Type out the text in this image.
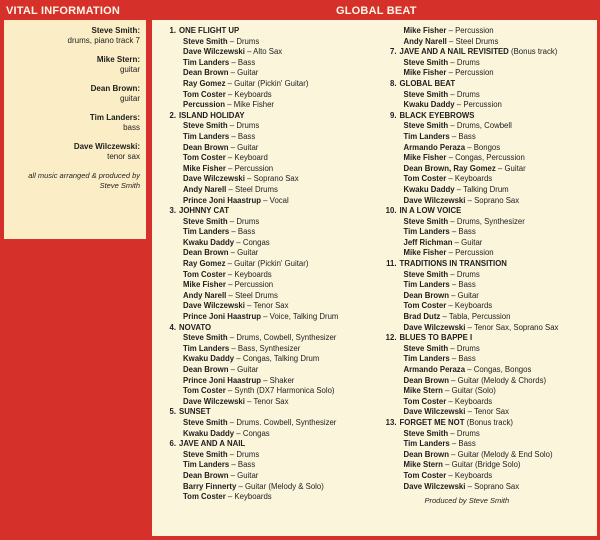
VITAL INFORMATION	GLOBAL BEAT
Steve Smith:
drums, piano track 7
Mike Stern:
guitar
Dean Brown:
guitar
Tim Landers:
bass
Dave Wilczewski:
tenor sax
all music arranged & produced by
Steve Smith
1. ONE FLIGHT UP
Steve Smith – Drums
Dave Wilczewski – Alto Sax
Tim Landers – Bass
Dean Brown – Guitar
Ray Gomez – Guitar (Pickin' Guitar)
Tom Coster – Keyboards
Percussion – Mike Fisher
2. ISLAND HOLIDAY
Steve Smith – Drums
Tim Landers – Bass
Dean Brown – Guitar
Tom Coster – Keyboard
Mike Fisher – Percussion
Dave Wilczewski – Soprano Sax
Andy Narell – Steel Drums
Prince Joni Haastrup – Vocal
3. JOHNNY CAT
Steve Smith – Drums
Tim Landers – Bass
Kwaku Daddy – Congas
Dean Brown – Guitar
Ray Gomez – Guitar (Pickin' Guitar)
Tom Coster – Keyboards
Mike Fisher – Percussion
Andy Narell – Steel Drums
Dave Wilczewski – Tenor Sax
Prince Joni Haastrup – Voice, Talking Drum
4. NOVATO
Steve Smith – Drums, Cowbell, Synthesizer
Tim Landers – Bass, Synthesizer
Kwaku Daddy – Congas, Talking Drum
Dean Brown – Guitar
Prince Joni Haastrup – Shaker
Tom Coster – Synth (DX7 Harmonica Solo)
Dave Wilczewski – Tenor Sax
5. SUNSET
Steve Smith – Drums. Cowbell, Synthesizer
Kwaku Daddy – Congas
6. JAVE AND A NAIL
Steve Smith – Drums
Tim Landers – Bass
Dean Brown – Guitar
Barry Finnerty – Guitar (Melody & Solo)
Tom Coster – Keyboards
Mike Fisher – Percussion
Andy Narell – Steel Drums
7. JAVE AND A NAIL REVISITED (Bonus track)
Steve Smith – Drums
Mike Fisher – Percussion
8. GLOBAL BEAT
Steve Smith – Drums
Kwaku Daddy – Percussion
9. BLACK EYEBROWS
Steve Smith – Drums, Cowbell
Tim Landers – Bass
Armando Peraza – Bongos
Mike Fisher – Congas, Percussion
Dean Brown, Ray Gomez – Guitar
Tom Coster – Keyboards
Kwaku Daddy – Talking Drum
Dave Wilczewski – Soprano Sax
10. IN A LOW VOICE
Steve Smith – Drums, Synthesizer
Tim Landers – Bass
Jeff Richman – Guitar
Mike Fisher – Percussion
11. TRADITIONS IN TRANSITION
Steve Smith – Drums
Tim Landers – Bass
Dean Brown – Guitar
Tom Coster – Keyboards
Brad Dutz – Tabla, Percussion
Dave Wilczewski – Tenor Sax, Soprano Sax
12. BLUES TO BAPPE I
Steve Smith – Drums
Tim Landers – Bass
Armando Peraza – Congas, Bongos
Dean Brown – Guitar (Melody & Chords)
Mike Stern – Guitar (Solo)
Tom Coster – Keyboards
Dave Wilczewski – Tenor Sax
13. FORGET ME NOT (Bonus track)
Steve Smith – Drums
Tim Landers – Bass
Dean Brown – Guitar (Melody & End Solo)
Mike Stern – Guitar (Bridge Solo)
Tom Coster – Keyboards
Dave Wilczewski – Soprano Sax
Produced by Steve Smith
